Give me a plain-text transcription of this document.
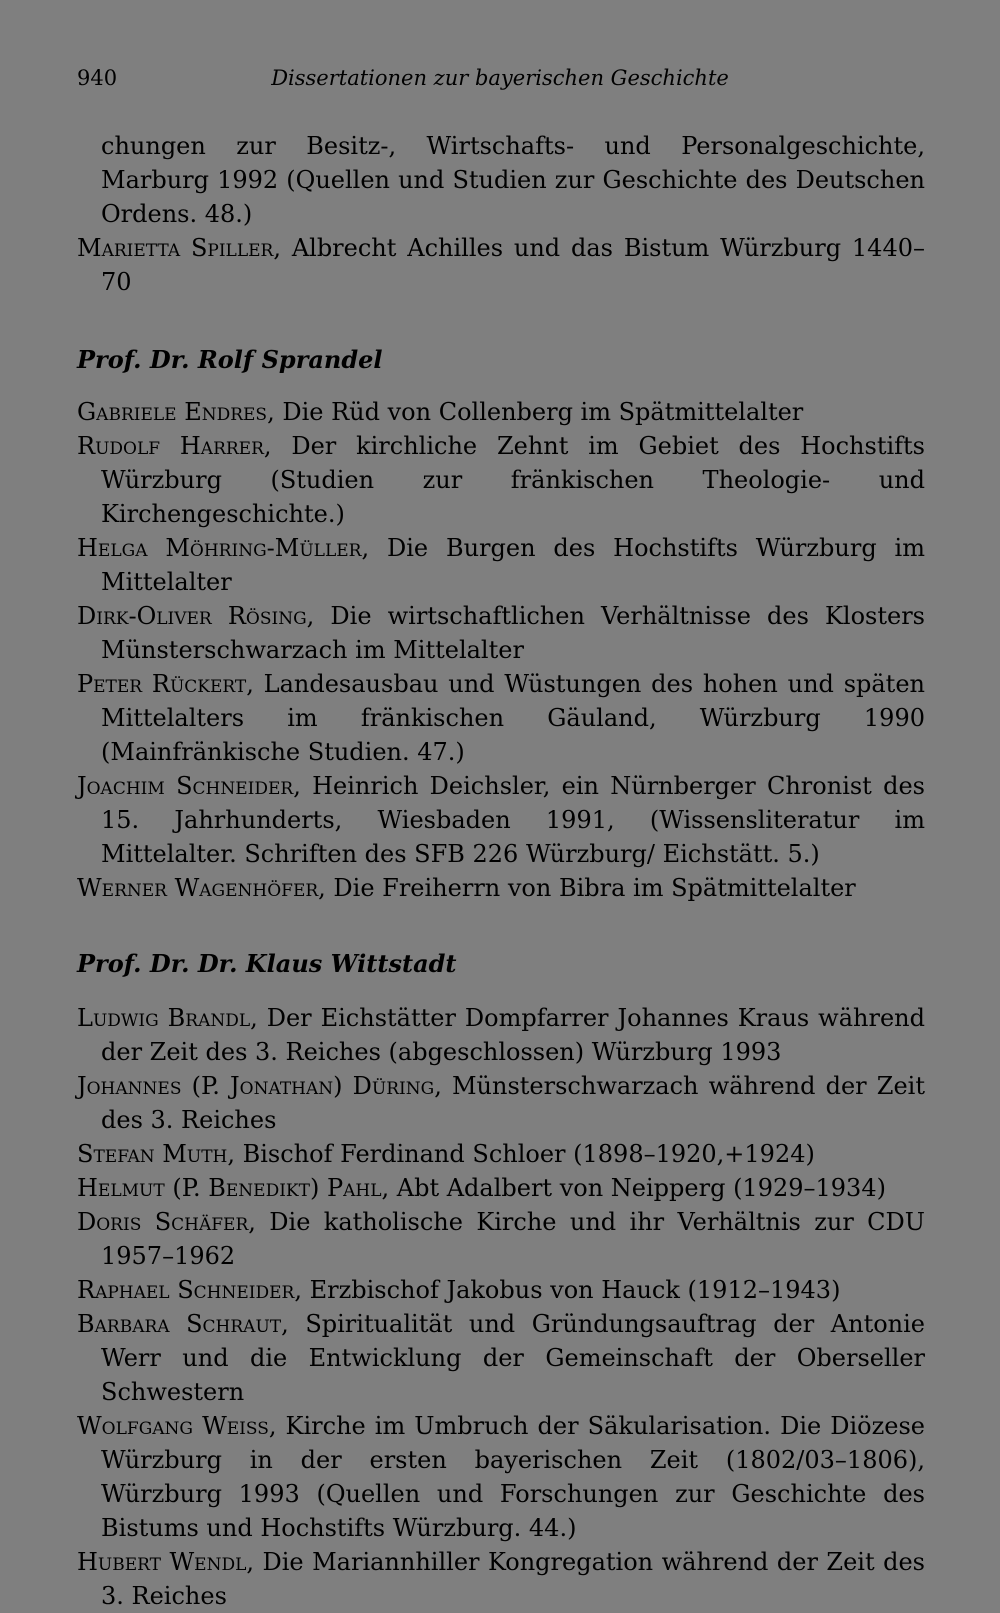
940	Dissertationen zur bayerischen Geschichte

chungen zur Besitz-, Wirtschafts- und Personalgeschichte, Marburg 1992 (Quellen und Studien zur Geschichte des Deutschen Ordens. 48.)

Marietta Spiller, Albrecht Achilles und das Bistum Würzburg 1440–70

Prof. Dr. Rolf Sprandel

Gabriele Endres, Die Rüd von Collenberg im Spätmittelalter

Rudolf Harrer, Der kirchliche Zehnt im Gebiet des Hochstifts Würzburg (Studien zur fränkischen Theologie- und Kirchengeschichte.)

Helga Möhring-Müller, Die Burgen des Hochstifts Würzburg im Mittelalter

Dirk-Oliver Rösing, Die wirtschaftlichen Verhältnisse des Klosters Münsterschwarzach im Mittelalter

Peter Rückert, Landesausbau und Wüstungen des hohen und späten Mittelalters im fränkischen Gäuland, Würzburg 1990 (Mainfränkische Studien. 47.)

Joachim Schneider, Heinrich Deichsler, ein Nürnberger Chronist des 15. Jahrhunderts, Wiesbaden 1991, (Wissensliteratur im Mittelalter. Schriften des SFB 226 Würzburg/ Eichstätt. 5.)

Werner Wagenhöfer, Die Freiherrn von Bibra im Spätmittelalter

Prof. Dr. Dr. Klaus Wittstadt

Ludwig Brandl, Der Eichstätter Dompfarrer Johannes Kraus während der Zeit des 3. Reiches (abgeschlossen) Würzburg 1993

Johannes (P. Jonathan) Düring, Münsterschwarzach während der Zeit des 3. Reiches

Stefan Muth, Bischof Ferdinand Schloer (1898–1920,+1924)

Helmut (P. Benedikt) Pahl, Abt Adalbert von Neipperg (1929–1934)

Doris Schäfer, Die katholische Kirche und ihr Verhältnis zur CDU 1957–1962

Raphael Schneider, Erzbischof Jakobus von Hauck (1912–1943)

Barbara Schraut, Spiritualität und Gründungsauftrag der Antonie Werr und die Entwicklung der Gemeinschaft der Oberseller Schwestern

Wolfgang Weiss, Kirche im Umbruch der Säkularisation. Die Diözese Würzburg in der ersten bayerischen Zeit (1802/03–1806), Würzburg 1993 (Quellen und Forschungen zur Geschichte des Bistums und Hochstifts Würzburg. 44.)

Hubert Wendl, Die Mariannhiller Kongregation während der Zeit des 3. Reiches
